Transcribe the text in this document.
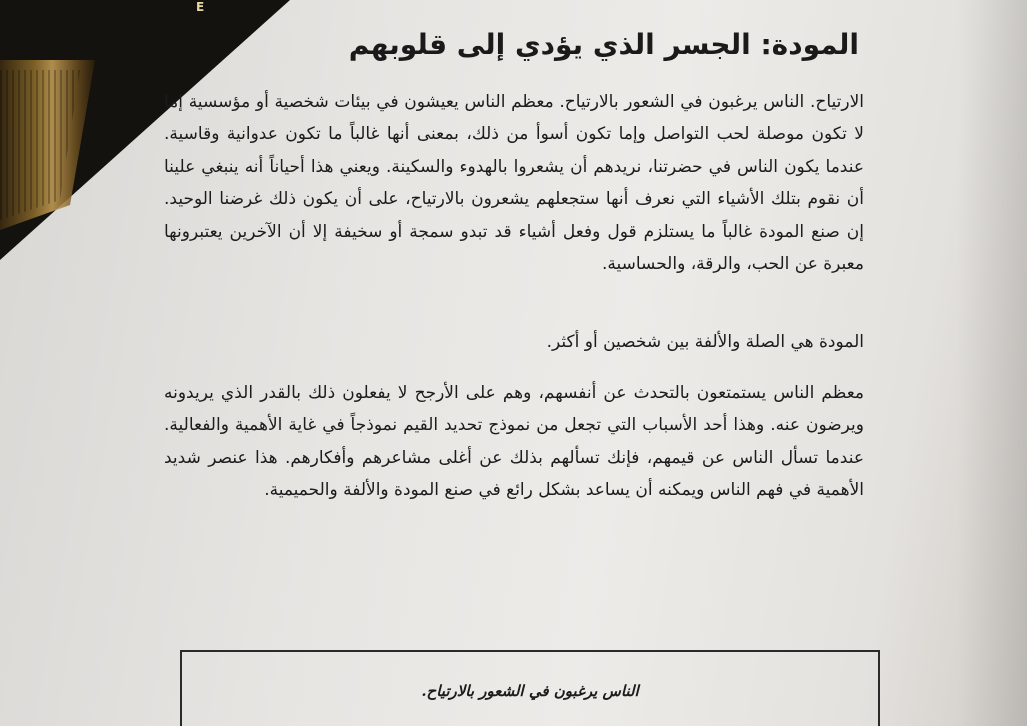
E
المودة: الجسر الذي يؤدي إلى قلوبهم

الارتياح. الناس يرغبون في الشعور بالارتياح. معظم الناس يعيشون في بيئات شخصية أو مؤسسية إما لا تكون موصلة لحب التواصل وإما تكون أسوأ من ذلك، بمعنى أنها غالباً ما تكون عدوانية وقاسية. عندما يكون الناس في حضرتنا، نريدهم أن يشعروا بالهدوء والسكينة. ويعني هذا أحياناً أنه ينبغي علينا أن نقوم بتلك الأشياء التي نعرف أنها ستجعلهم يشعرون بالارتياح، على أن يكون ذلك غرضنا الوحيد. إن صنع المودة غالباً ما يستلزم قول وفعل أشياء قد تبدو سمجة أو سخيفة إلا أن الآخرين يعتبرونها معبرة عن الحب، والرقة، والحساسية.

المودة هي الصلة والألفة بين شخصين أو أكثر.

معظم الناس يستمتعون بالتحدث عن أنفسهم، وهم على الأرجح لا يفعلون ذلك بالقدر الذي يريدونه ويرضون عنه. وهذا أحد الأسباب التي تجعل من نموذج تحديد القيم نموذجاً في غاية الأهمية والفعالية. عندما تسأل الناس عن قيمهم، فإنك تسألهم بذلك عن أغلى مشاعرهم وأفكارهم. هذا عنصر شديد الأهمية في فهم الناس ويمكنه أن يساعد بشكل رائع في صنع المودة والألفة والحميمية.

الناس يرغبون في الشعور بالارتياح.
